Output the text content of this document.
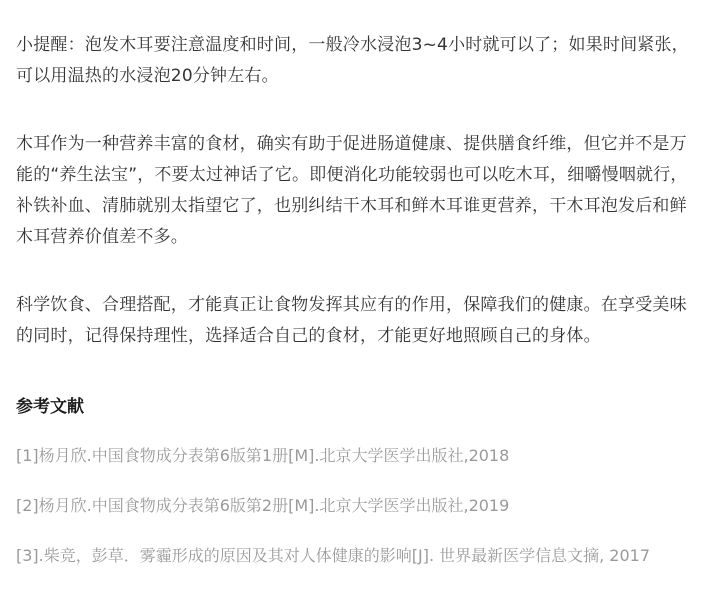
小提醒：泡发木耳要注意温度和时间，一般冷水浸泡3~4小时就可以了；如果时间紧张，可以用温热的水浸泡20分钟左右。

木耳作为一种营养丰富的食材，确实有助于促进肠道健康、提供膳食纤维，但它并不是万能的“养生法宝”，不要太过神话了它。即便消化功能较弱也可以吃木耳，细嚼慢咽就行，补铁补血、清肺就别太指望它了，也别纠结干木耳和鲜木耳谁更营养，干木耳泡发后和鲜木耳营养价值差不多。

科学饮食、合理搭配，才能真正让食物发挥其应有的作用，保障我们的健康。在享受美味的同时，记得保持理性，选择适合自己的食材，才能更好地照顾自己的身体。

参考文献

[1]杨月欣.中国食物成分表第6版第1册[M].北京大学医学出版社,2018

[2]杨月欣.中国食物成分表第6版第2册[M].北京大学医学出版社,2019

[3].柴竞，彭草．雾霾形成的原因及其对人体健康的影响[J]. 世界最新医学信息文摘, 2017
